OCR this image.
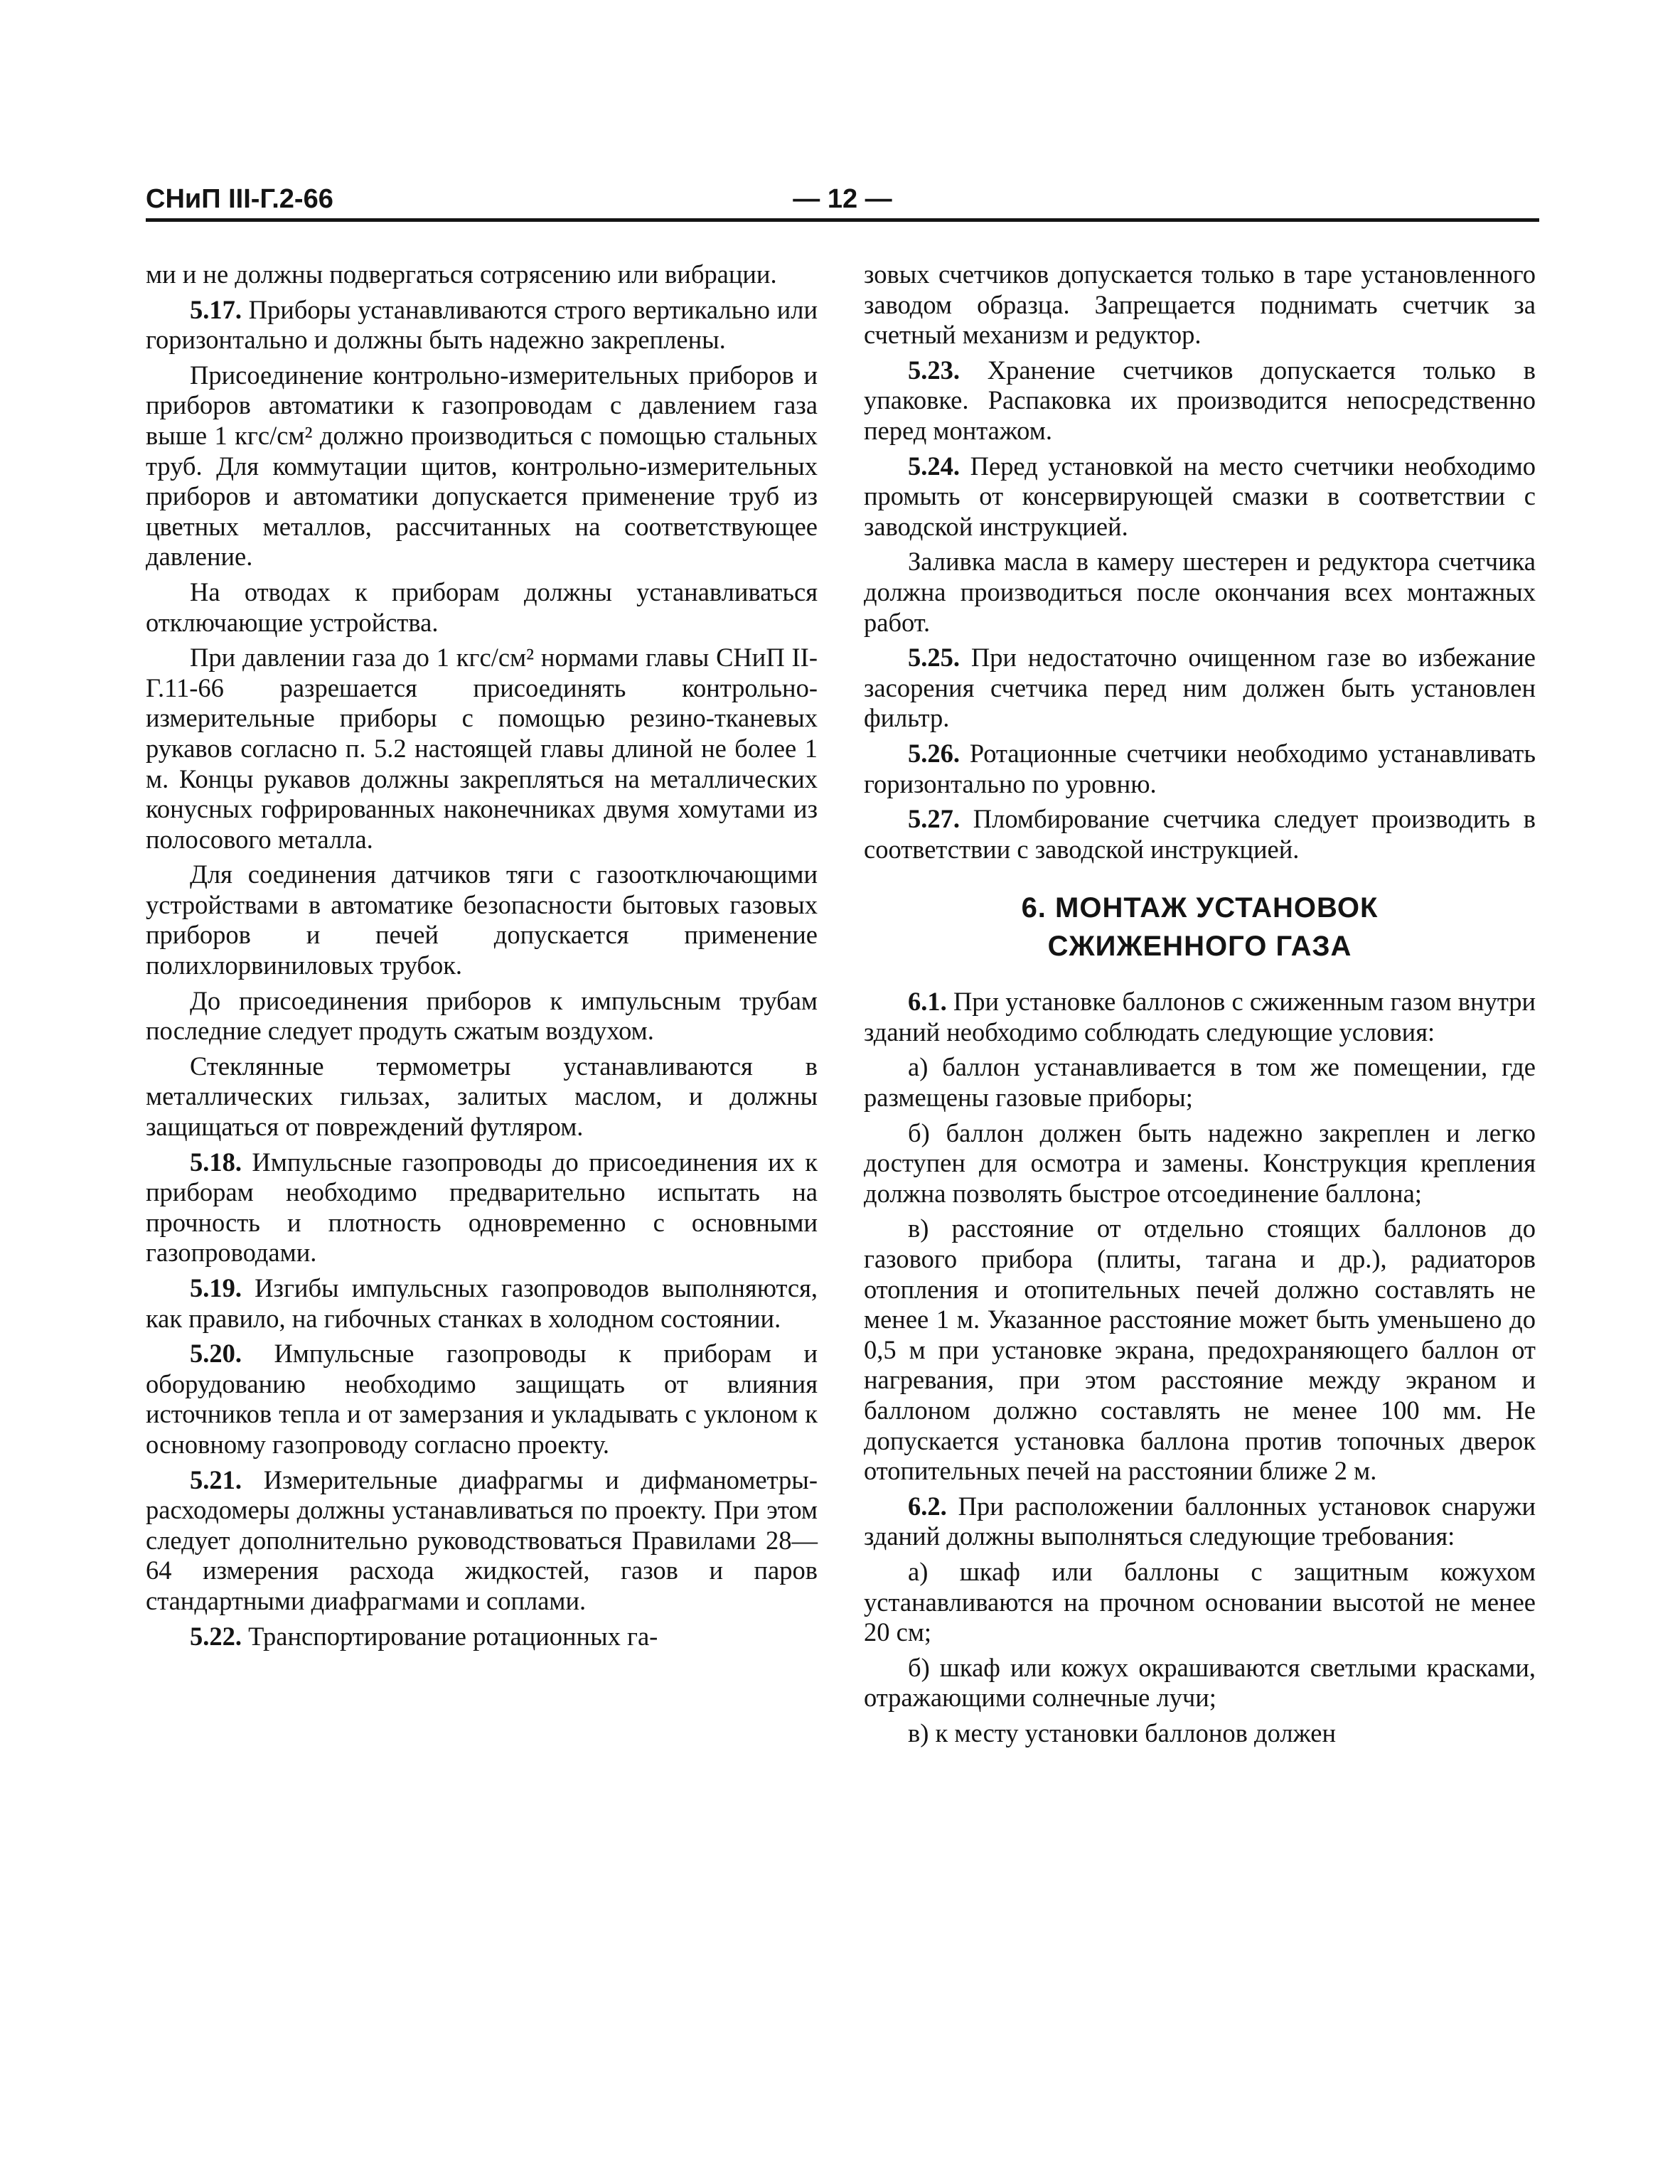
СНиП III-Г.2-66	— 12 —

ми и не должны подвергаться сотрясению или вибрации.

5.17. Приборы устанавливаются строго вертикально или горизонтально и должны быть надежно закреплены.

Присоединение контрольно-измерительных приборов и приборов автоматики к газопроводам с давлением газа выше 1 кгс/см² должно производиться с помощью стальных труб. Для коммутации щитов, контрольно-измерительных приборов и автоматики допускается применение труб из цветных металлов, рассчитанных на соответствующее давление.

На отводах к приборам должны устанавливаться отключающие устройства.

При давлении газа до 1 кгс/см² нормами главы СНиП II-Г.11-66 разрешается присоединять контрольно-измерительные приборы с помощью резино-тканевых рукавов согласно п. 5.2 настоящей главы длиной не более 1 м. Концы рукавов должны закрепляться на металлических конусных гофрированных наконечниках двумя хомутами из полосового металла.

Для соединения датчиков тяги с газоотключающими устройствами в автоматике безопасности бытовых газовых приборов и печей допускается применение полихлорвиниловых трубок.

До присоединения приборов к импульсным трубам последние следует продуть сжатым воздухом.

Стеклянные термометры устанавливаются в металлических гильзах, залитых маслом, и должны защищаться от повреждений футляром.

5.18. Импульсные газопроводы до присоединения их к приборам необходимо предварительно испытать на прочность и плотность одновременно с основными газопроводами.

5.19. Изгибы импульсных газопроводов выполняются, как правило, на гибочных станках в холодном состоянии.

5.20. Импульсные газопроводы к приборам и оборудованию необходимо защищать от влияния источников тепла и от замерзания и укладывать с уклоном к основному газопроводу согласно проекту.

5.21. Измерительные диафрагмы и дифманометры-расходомеры должны устанавливаться по проекту. При этом следует дополнительно руководствоваться Правилами 28—64 измерения расхода жидкостей, газов и паров стандартными диафрагмами и соплами.

5.22. Транспортирование ротационных га-

зовых счетчиков допускается только в таре установленного заводом образца. Запрещается поднимать счетчик за счетный механизм и редуктор.

5.23. Хранение счетчиков допускается только в упаковке. Распаковка их производится непосредственно перед монтажом.

5.24. Перед установкой на место счетчики необходимо промыть от консервирующей смазки в соответствии с заводской инструкцией.

Заливка масла в камеру шестерен и редуктора счетчика должна производиться после окончания всех монтажных работ.

5.25. При недостаточно очищенном газе во избежание засорения счетчика перед ним должен быть установлен фильтр.

5.26. Ротационные счетчики необходимо устанавливать горизонтально по уровню.

5.27. Пломбирование счетчика следует производить в соответствии с заводской инструкцией.

6. МОНТАЖ УСТАНОВОК
СЖИЖЕННОГО ГАЗА

6.1. При установке баллонов с сжиженным газом внутри зданий необходимо соблюдать следующие условия:

а) баллон устанавливается в том же помещении, где размещены газовые приборы;

б) баллон должен быть надежно закреплен и легко доступен для осмотра и замены. Конструкция крепления должна позволять быстрое отсоединение баллона;

в) расстояние от отдельно стоящих баллонов до газового прибора (плиты, тагана и др.), радиаторов отопления и отопительных печей должно составлять не менее 1 м. Указанное расстояние может быть уменьшено до 0,5 м при установке экрана, предохраняющего баллон от нагревания, при этом расстояние между экраном и баллоном должно составлять не менее 100 мм. Не допускается установка баллона против топочных дверок отопительных печей на расстоянии ближе 2 м.

6.2. При расположении баллонных установок снаружи зданий должны выполняться следующие требования:

а) шкаф или баллоны с защитным кожухом устанавливаются на прочном основании высотой не менее 20 см;

б) шкаф или кожух окрашиваются светлыми красками, отражающими солнечные лучи;

в) к месту установки баллонов должен
